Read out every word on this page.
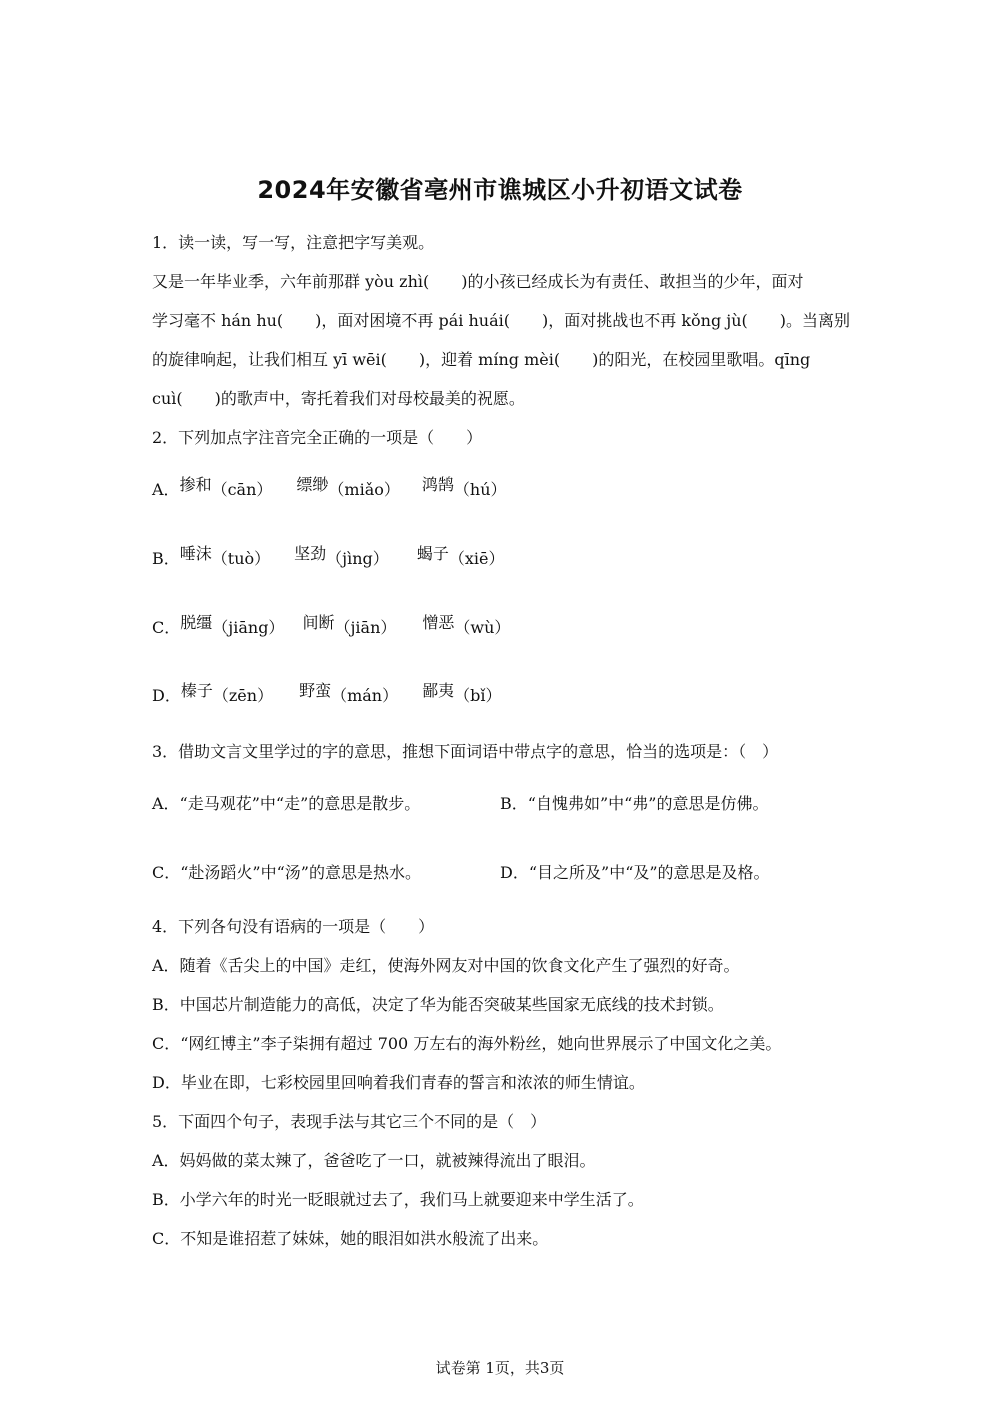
2024年安徽省亳州市谯城区小升初语文试卷
1．读一读，写一写，注意把字写美观。
又是一年毕业季，六年前那群 yòu zhì(　　)的小孩已经成长为有责任、敢担当的少年，面对
学习毫不 hán hu(　　)，面对困境不再 pái huái(　　)，面对挑战也不再 kǒng jù(　　)。当离别
的旋律响起，让我们相互 yī wēi(　　)，迎着 míng mèi(　　)的阳光，在校园里歌唱。qīng
cuì(　　)的歌声中，寄托着我们对母校最美的祝愿。
2．下列加点字注音完全正确的一项是（　　）
A．掺和（cān） 缥缈（miǎo） 鸿鹄（hú）
B．唾沫（tuò） 坚劲（jìng） 蝎子（xiē）
C．脱缰（jiāng） 间断（jiān） 憎恶（wù）
D．榛子（zēn） 野蛮（mán） 鄙夷（bǐ）
3．借助文言文里学过的字的意思，推想下面词语中带点字的意思，恰当的选项是：（　）
A．“走马观花”中“走”的意思是散步。	B．“自愧弗如”中“弗”的意思是仿佛。
C．“赴汤蹈火”中“汤”的意思是热水。	D．“目之所及”中“及”的意思是及格。
4．下列各句没有语病的一项是（　　）
A．随着《舌尖上的中国》走红，使海外网友对中国的饮食文化产生了强烈的好奇。
B．中国芯片制造能力的高低，决定了华为能否突破某些国家无底线的技术封锁。
C．“网红博主”李子柒拥有超过 700 万左右的海外粉丝，她向世界展示了中国文化之美。
D．毕业在即，七彩校园里回响着我们青春的誓言和浓浓的师生情谊。
5．下面四个句子，表现手法与其它三个不同的是（　）
A．妈妈做的菜太辣了，爸爸吃了一口，就被辣得流出了眼泪。
B．小学六年的时光一眨眼就过去了，我们马上就要迎来中学生活了。
C．不知是谁招惹了妹妹，她的眼泪如洪水般流了出来。
试卷第 1页，共3页
